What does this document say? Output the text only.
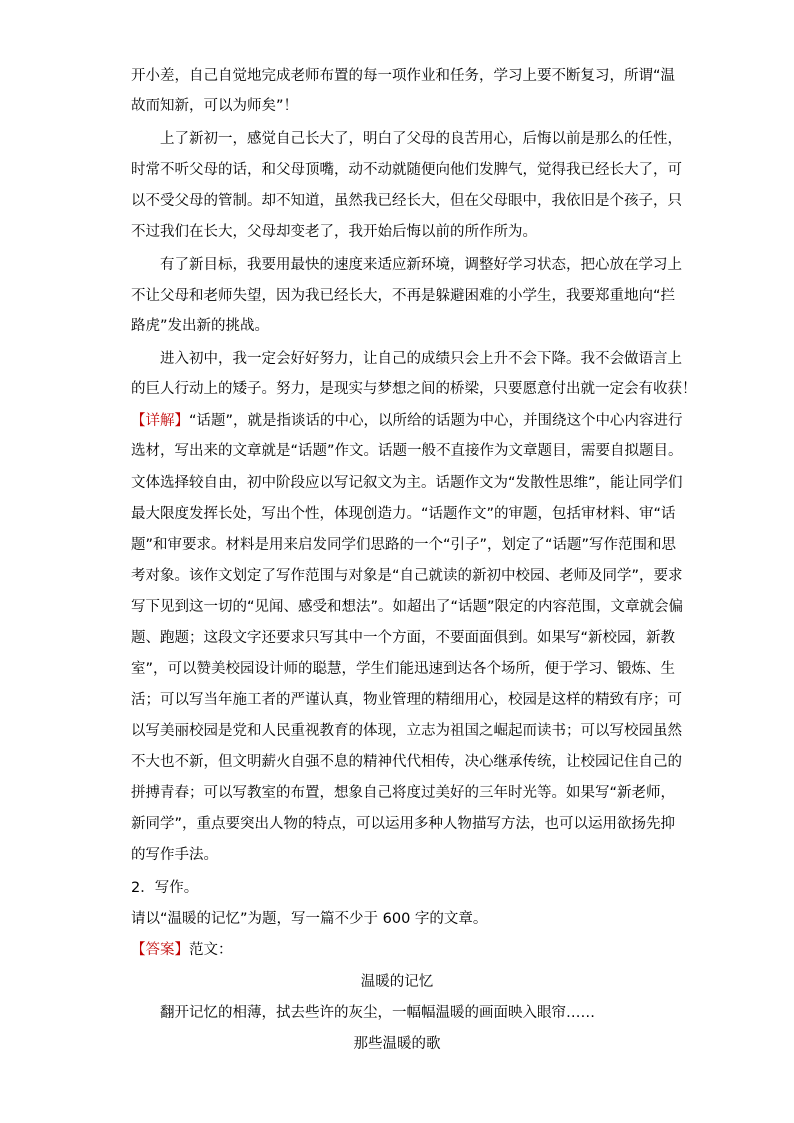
开小差，自己自觉地完成老师布置的每一项作业和任务，学习上要不断复习，所谓“温
故而知新，可以为师矣”！
上了新初一，感觉自己长大了，明白了父母的良苦用心，后悔以前是那么的任性，
时常不听父母的话，和父母顶嘴，动不动就随便向他们发脾气，觉得我已经长大了，可
以不受父母的管制。却不知道，虽然我已经长大，但在父母眼中，我依旧是个孩子，只
不过我们在长大，父母却变老了，我开始后悔以前的所作所为。
有了新目标，我要用最快的速度来适应新环境，调整好学习状态，把心放在学习上
不让父母和老师失望，因为我已经长大，不再是躲避困难的小学生，我要郑重地向“拦
路虎”发出新的挑战。
进入初中，我一定会好好努力，让自己的成绩只会上升不会下降。我不会做语言上
的巨人行动上的矮子。努力，是现实与梦想之间的桥梁，只要愿意付出就一定会有收获！
【详解】“话题”，就是指谈话的中心，以所给的话题为中心，并围绕这个中心内容进行
选材，写出来的文章就是“话题”作文。话题一般不直接作为文章题目，需要自拟题目。
文体选择较自由，初中阶段应以写记叙文为主。话题作文为“发散性思维”，能让同学们
最大限度发挥长处，写出个性，体现创造力。“话题作文”的审题，包括审材料、审“话
题”和审要求。材料是用来启发同学们思路的一个“引子”，划定了“话题”写作范围和思
考对象。该作文划定了写作范围与对象是“自己就读的新初中校园、老师及同学”，要求
写下见到这一切的“见闻、感受和想法”。如超出了“话题”限定的内容范围，文章就会偏
题、跑题；这段文字还要求只写其中一个方面，不要面面俱到。如果写“新校园，新教
室”，可以赞美校园设计师的聪慧，学生们能迅速到达各个场所，便于学习、锻炼、生
活；可以写当年施工者的严谨认真，物业管理的精细用心，校园是这样的精致有序；可
以写美丽校园是党和人民重视教育的体现，立志为祖国之崛起而读书；可以写校园虽然
不大也不新，但文明薪火自强不息的精神代代相传，决心继承传统，让校园记住自己的
拼搏青春；可以写教室的布置，想象自己将度过美好的三年时光等。如果写“新老师，
新同学”，重点要突出人物的特点，可以运用多种人物描写方法，也可以运用欲扬先抑
的写作手法。
2．写作。
请以“温暖的记忆”为题，写一篇不少于 600 字的文章。
【答案】范文：
温暖的记忆
翻开记忆的相薄，拭去些许的灰尘，一幅幅温暖的画面映入眼帘……
那些温暖的歌
